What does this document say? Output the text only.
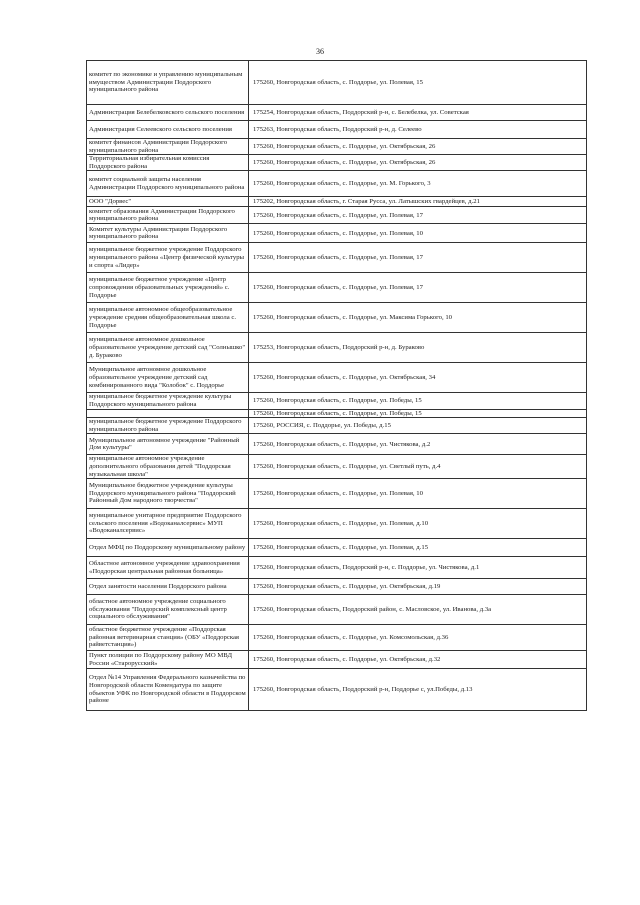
36
комитет по экономике и управлению муниципальным имуществом Администрации Поддорского муниципального района	175260, Новгородская область, с. Поддорье, ул. Полевая, 15
Администрация Белебелковского сельского поселения	175254, Новгородская область, Поддорский р-н, с. Белебелка, ул. Советская
Администрация Селеевского сельского поселения	175263, Новгородская область, Поддорский р-н, д. Селеево
комитет финансов Администрации Поддорского муниципального района	175260, Новгородская область, с. Поддорье, ул. Октябрьская, 26
Территориальная избирательная комиссия Поддорского района	175260, Новгородская область, с. Поддорье, ул. Октябрьская, 26
комитет социальной защиты населения Администрации Поддорского муниципального района	175260, Новгородская область, с. Поддорье, ул. М. Горького, 3
ООО "Дорвес"	175202, Новгородская область, г. Старая Русса, ул. Латышских гвардейцев, д.21
комитет образования Администрации Поддорского муниципального района	175260, Новгородская область, с. Поддорье, ул. Полевая, 17
Комитет культуры Администрации Поддорского муниципального района	175260, Новгородская область, с. Поддорье, ул. Полевая, 10
муниципальное бюджетное учреждение Поддорского муниципального района «Центр физической культуры и спорта «Лидер»	175260, Новгородская область, с. Поддорье, ул. Полевая, 17
муниципальное бюджетное учреждение «Центр сопровождения образовательных учреждений» с. Поддорье	175260, Новгородская область, с. Поддорье, ул. Полевая, 17
муниципальное автономное общеобразовательное учреждение средняя общеобразовательная школа с. Поддорье	175260, Новгородская область, с. Поддорье, ул. Максима Горького, 10
муниципальное автономное дошкольное образовательное учреждение детский сад "Солнышко" д. Бураково	175253, Новгородская область, Поддорский р-н, д. Бураково
Муниципальное автономное дошкольное образовательное учреждение детский сад комбинированного вида "Колобок" с. Поддорье	175260, Новгородская область, с. Поддорье, ул. Октябрьская, 34
муниципальное бюджетное учреждение культуры Поддорского муниципального района	175260, Новгородская область, с. Поддорье, ул. Победы, 15
	175260, Новгородская область, с. Поддорье, ул. Победы, 15
муниципальное бюджетное учреждение Поддорского муниципального района	175260, РОССИЯ, с. Поддорье, ул. Победы, д.15
Муниципальное автономное учреждение "Районный Дом культуры"	175260, Новгородская область, с. Поддорье, ул. Чистякова, д.2
муниципальное автономное учреждение дополнительного образования детей "Поддорская музыкальная школа"	175260, Новгородская область, с. Поддорье, ул. Светлый путь, д.4
Муниципальное бюджетное учреждение культуры Поддорского муниципального района "Поддорский Районный Дом народного творчества"	175260, Новгородская область, с. Поддорье, ул. Полевая, 10
муниципальное унитарное предприятие Поддорского сельского поселения «Водоканалсервис» МУП «Водоканалсервис»	175260, Новгородская область, с. Поддорье, ул. Полевая, д.10
Отдел МФЦ по Поддорскому муниципальному району	175260, Новгородская область, с. Поддорье, ул. Полевая, д.15
Областное автономное учреждение здравоохранения «Поддорская центральная районная больница»	175260, Новгородская область, Поддорский р-н, с. Поддорье, ул. Чистякова, д.1
Отдел занятости населения Поддорского района	175260, Новгородская область, с. Поддорье, ул. Октябрьская, д.19
областное автономное учреждение социального обслуживания "Поддорский комплексный центр социального обслуживания"	175260, Новгородская область, Поддорский район, с. Масловское, ул. Иванова, д.3а
областное бюджетное учреждение «Поддорская районная ветеринарная станция» (ОБУ «Поддорская райветстанция»)	175260, Новгородская область, с. Поддорье, ул. Комсомольская, д.36
Пункт полиции по Поддорскому району МО МВД России «Старорусский»	175260, Новгородская область, с. Поддорье, ул. Октябрьская, д.32
Отдел №14 Управления Федерального казначейства по Новгородской области Комендатура по защите объектов УФК по Новгородской области в Поддорском районе	175260, Новгородская область, Поддорский р-н, Поддорье с, ул.Победы, д.13
